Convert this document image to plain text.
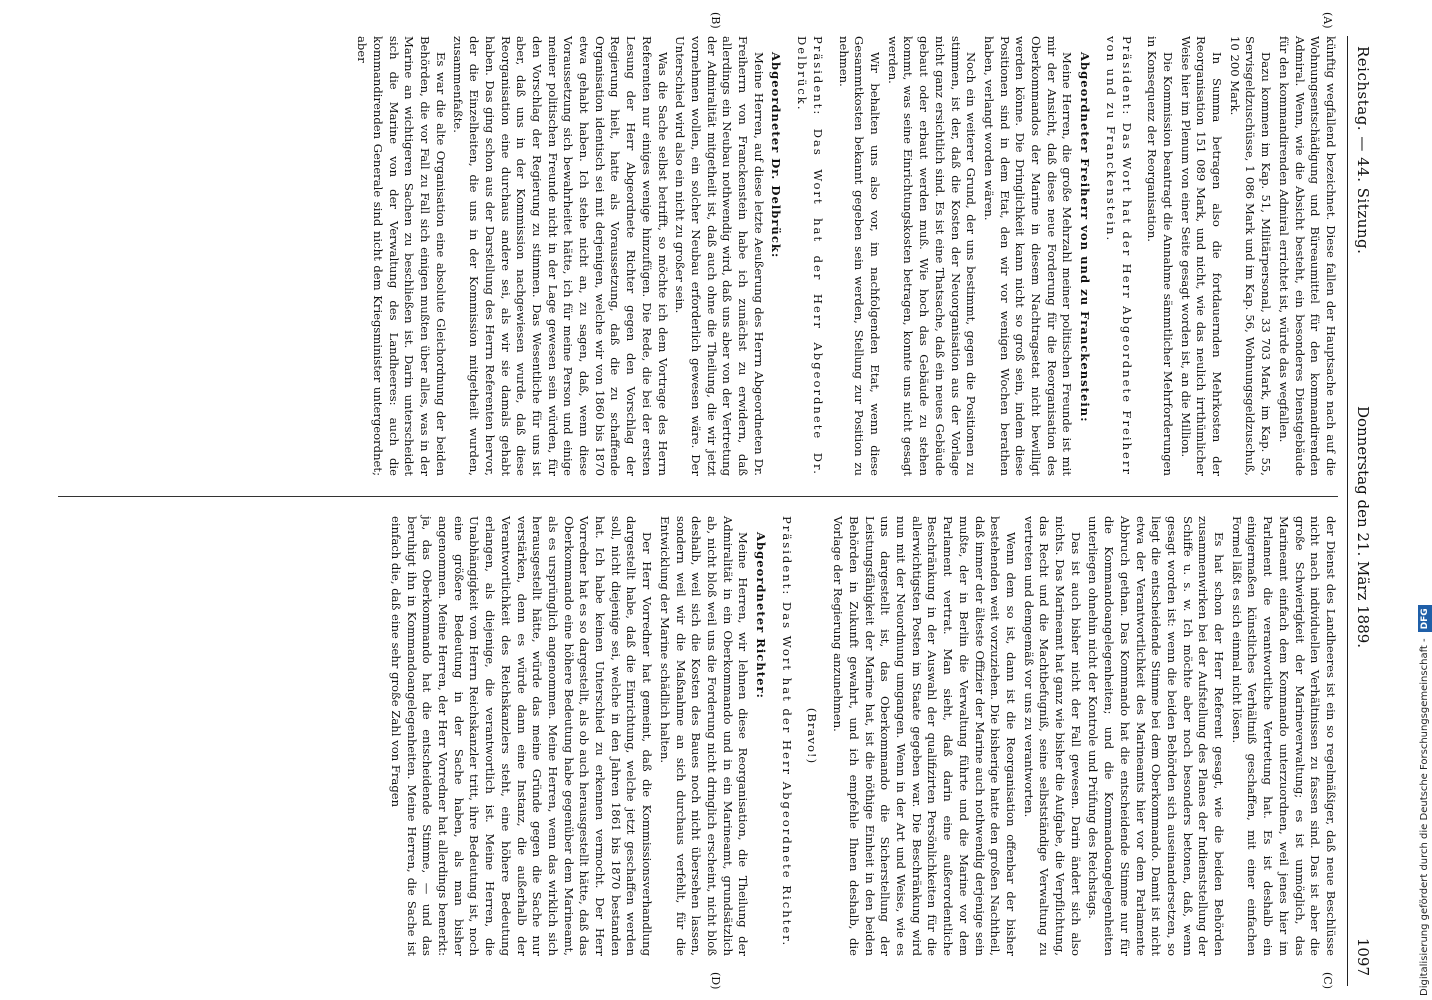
Reichstag. — 44. Sitzung.
Donnerstag den 21. März 1889.
1097
(A)
(B)
(C)
(D)

künftig wegfallend bezeichnet. Diese fallen der Hauptsache nach auf die Wohnungsentschädigung und Büreaumittel für den kommandirenden Admiral. Wenn, wie die Absicht besteht, ein besonderes Dienstgebäude für den kommandirenden Admiral errichtet ist, würde das wegfallen.

Dazu kommen im Kap. 51, Militärpersonal, 33 703 Mark, im Kap. 55, Servisgeldzuschüsse, 1 086 Mark und im Kap. 56, Wohnungsgeldzuschuß, 10 200 Mark.

In Summa betragen also die fortdauernden Mehrkosten der Reorganisation 151 089 Mark, und nicht, wie das neulich irrthümlicher Weise hier im Plenum von einer Seite gesagt worden ist, an die Million.

Die Kommission beantragt die Annahme sämmtlicher Mehrforderungen in Konsequenz der Reorganisation.

Präsident: Das Wort hat der Herr Abgeordnete Freiherr von und zu Franckenstein.

Abgeordneter Freiherr von und zu Franckenstein:

Meine Herren, die große Mehrzahl meiner politischen Freunde ist mit mir der Ansicht, daß diese neue Forderung für die Reorganisation des Oberkommandos der Marine in diesem Nachtragsetat nicht bewilligt werden könne. Die Dringlichkeit kann nicht so groß sein, indem diese Positionen sind in dem Etat, den wir vor wenigen Wochen berathen haben, verlangt worden wären.

Noch ein weiterer Grund, der uns bestimmt, gegen die Positionen zu stimmen, ist der, daß die Kosten der Neuorganisation aus der Vorlage nicht ganz ersichtlich sind. Es ist eine Thatsache, daß ein neues Gebäude gebaut oder erbaut werden muß. Wie hoch das Gebäude zu stehen kommt, was seine Einrichtungskosten betragen, konnte uns nicht gesagt werden.

Wir behalten uns also vor, im nachfolgenden Etat, wenn diese Gesammtkosten bekannt gegeben sein werden, Stellung zur Position zu nehmen.

Präsident: Das Wort hat der Herr Abgeordnete Dr. Delbrück.

Abgeordneter Dr. Delbrück:

Meine Herren, auf diese letzte Aeußerung des Herrn Abgeordneten Dr. Freiherrn von Franckenstein habe ich zunächst zu erwidern, daß allerdings ein Neubau nothwendig wird, daß uns aber von der Vertretung der Admiralität mitgetheilt ist, daß auch ohne die Theilung, die wir jetzt vornehmen wollen, ein solcher Neubau erforderlich gewesen wäre. Der Unterschied wird also ein nicht zu großer sein.

Was die Sache selbst betrifft, so möchte ich dem Vortrage des Herrn Referenten nur einiges wenige hinzufügen. Die Rede, die bei der ersten Lesung der Herr Abgeordnete Richter gegen den Vorschlag der Regierung hielt, hatte als Voraussetzung, daß die zu schaffende Organisation identisch sei mit derjenigen, welche wir von 1860 bis 1870 etwa gehabt haben. Ich stehe nicht an, zu sagen, daß, wenn diese Voraussetzung sich bewahrheitet hätte, ich für meine Person und einige meiner politischen Freunde nicht in der Lage gewesen sein würden, für den Vorschlag der Regierung zu stimmen. Das Wesentliche für uns ist aber, daß uns in der Kommission nachgewiesen wurde, daß diese Reorganisation eine durchaus andere sei, als wir sie damals gehabt haben. Das ging schon aus der Darstellung des Herrn Referenten hervor, der die Einzelheiten, die uns in der Kommission mitgetheilt wurden, zusammenfaßte.

Es war die alte Organisation eine absolute Gleichordnung der beiden Behörden, die vor Fall zu Fall sich einigen mußten über alles, was in der Marine an wichtigeren Sachen zu beschließen ist. Darin unterscheidet sich die Marine von der Verwaltung des Landheeres: auch die kommandirenden Generale sind nicht dem Kriegsminister untergeordnet; aber

der Dienst des Landheeres ist ein so regelmäßiger, daß neue Beschlüsse nicht nach individuellen Verhältnissen zu fassen sind. Das ist aber die große Schwierigkeit der Marineverwaltung; es ist unmöglich, das Marineamt einfach dem Kommando unterzuordnen, weil jenes hier im Parlament die verantwortliche Vertretung hat. Es ist deshalb ein einigermaßen künstliches Verhältniß geschaffen, mit einer einfachen Formel läßt es sich einmal nicht lösen.

Es hat schon der Herr Referent gesagt, wie die beiden Behörden zusammenwirken bei der Aufstellung des Planes der Indienststellung der Schiffe u. s. w. Ich möchte aber noch besonders betonen, daß, wenn gesagt worden ist: wenn die beiden Behörden sich auseinandersetzen, so liegt die entscheidende Stimme bei dem Oberkommando. Damit ist nicht etwa der Verantwortlichkeit des Marineamts hier vor dem Parlamente Abbruch gethan. Das Kommando hat die entscheidende Stimme nur für die Kommandoangelegenheiten; und die Kommandoangelegenheiten unterliegen ohnehin nicht der Kontrole und Prüfung des Reichstags.

Das ist auch bisher nicht der Fall gewesen. Darin ändert sich also nichts. Das Marineamt hat ganz wie bisher die Aufgabe, die Verpflichtung, das Recht und die Machtbefugniß, seine selbstständige Verwaltung zu vertreten und demgemäß vor uns zu verantworten.

Wenn dem so ist, dann ist die Reorganisation offenbar der bisher bestehenden weit vorzuziehen. Die bisherige hatte den großen Nachtheil, daß immer der älteste Offizier der Marine auch nothwendig derjenige sein mußte, der in Berlin die Verwaltung führte und die Marine vor dem Parlament vertrat. Man sieht, daß darin eine außerordentliche Beschränkung in der Auswahl der qualifizirten Persönlichkeiten für die allerwichtigsten Posten im Staate gegeben war. Die Beschränkung wird nun mit der Neuordnung umgangen. Wenn in der Art und Weise, wie es uns dargestellt ist, das Oberkommando die Sicherstellung der Leistungsfähigkeit der Marine hat, ist die nöthige Einheit in den beiden Behörden in Zukunft gewahrt, und ich empfehle Ihnen deshalb, die Vorlage der Regierung anzunehmen.

(Bravo!)

Präsident: Das Wort hat der Herr Abgeordnete Richter.

Abgeordneter Richter:

Meine Herren, wir lehnen diese Reorganisation, die Theilung der Admiralität in ein Oberkommando und in ein Marineamt, grundsätzlich ab, nicht bloß weil uns die Forderung nicht dringlich erscheint, nicht bloß deshalb, weil sich die Kosten des Baues noch nicht übersehen lassen, sondern weil wir die Maßnahme an sich durchaus verfehlt, für die Entwicklung der Marine schädlich halten.

Der Herr Vorredner hat gemeint, daß die Kommissionsverhandlung dargestellt habe, daß die Einrichtung, welche jetzt geschaffen werden soll, nicht diejenige sei, welche in den Jahren 1861 bis 1870 bestanden hat. Ich habe keinen Unterschied zu erkennen vermocht. Der Herr Vorredner hat es so dargestellt, als ob auch herausgestellt hätte, daß das Oberkommando eine höhere Bedeutung habe gegenüber dem Marineamt, als es ursprünglich angenommen. Meine Herren, wenn das wirklich sich herausgestellt hätte, würde das meine Gründe gegen die Sache nur verstärken, denn es würde dann eine Instanz, die außerhalb der Verantwortlichkeit des Reichskanzlers steht, eine höhere Bedeutung erlangen, als diejenige, die verantwortlich ist. Meine Herren, die Unabhängigkeit vom Herrn Reichskanzler tritt, ihre Bedeutung ist, noch eine größere Bedeutung in der Sache haben, als man bisher angenommen. Meine Herren, der Herr Vorredner hat allerdings bemerkt: ja, das Oberkommando hat die entscheidende Stimme, — und das beruhigt ihn in Kommandoangelegenheiten. Meine Herren, die Sache ist einfach die, daß eine sehr große Zahl von Fragen	Digitalisierung gefördert durch die Deutsche Forschungsgemeinschaft -DFG
